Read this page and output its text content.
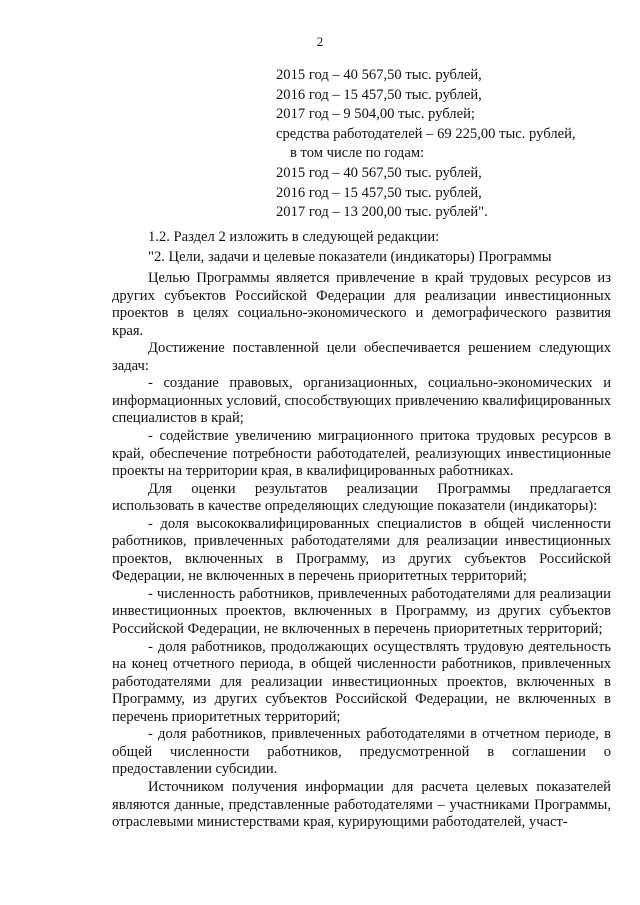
2
2015 год – 40 567,50 тыс. рублей,
2016 год – 15 457,50 тыс. рублей,
2017 год – 9 504,00 тыс. рублей;
средства работодателей – 69 225,00 тыс. рублей,
в том числе по годам:
2015 год – 40 567,50 тыс. рублей,
2016 год – 15 457,50 тыс. рублей,
2017 год – 13 200,00 тыс. рублей".

1.2. Раздел 2 изложить в следующей редакции:

"2. Цели, задачи и целевые показатели (индикаторы) Программы

Целью Программы является привлечение в край трудовых ресурсов из других субъектов Российской Федерации для реализации инвестиционных проектов в целях социально-экономического и демографического развития края.

Достижение поставленной цели обеспечивается решением следующих задач:

- создание правовых, организационных, социально-экономических и информационных условий, способствующих привлечению квалифицированных специалистов в край;

- содействие увеличению миграционного притока трудовых ресурсов в край, обеспечение потребности работодателей, реализующих инвестиционные проекты на территории края, в квалифицированных работниках.

Для оценки результатов реализации Программы предлагается использовать в качестве определяющих следующие показатели (индикаторы):

- доля высококвалифицированных специалистов в общей численности работников, привлеченных работодателями для реализации инвестиционных проектов, включенных в Программу, из других субъектов Российской Федерации, не включенных в перечень приоритетных территорий;

- численность работников, привлеченных работодателями для реализации инвестиционных проектов, включенных в Программу, из других субъектов Российской Федерации, не включенных в перечень приоритетных территорий;

- доля работников, продолжающих осуществлять трудовую деятельность на конец отчетного периода, в общей численности работников, привлеченных работодателями для реализации инвестиционных проектов, включенных в Программу, из других субъектов Российской Федерации, не включенных в перечень приоритетных территорий;

- доля работников, привлеченных работодателями в отчетном периоде, в общей численности работников, предусмотренной в соглашении о предоставлении субсидии.

Источником получения информации для расчета целевых показателей являются данные, представленные работодателями – участниками Программы, отраслевыми министерствами края, курирующими работодателей, участ-
